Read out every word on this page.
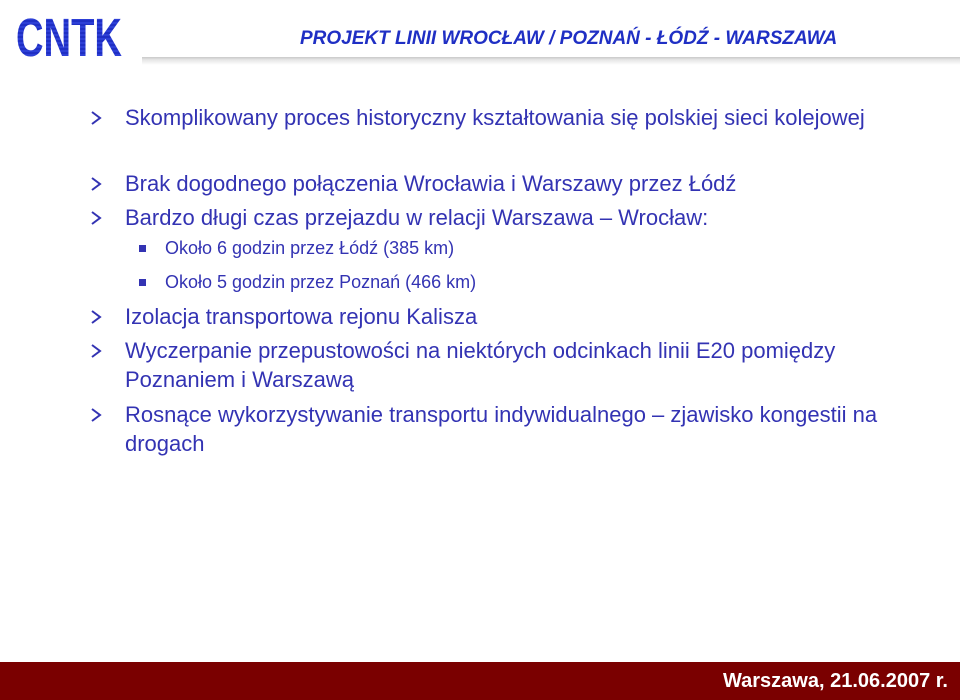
CNTK	PROJEKT LINII WROCŁAW / POZNAŃ - ŁÓDŹ - WARSZAWA
Skomplikowany proces historyczny kształtowania się polskiej sieci kolejowej
Brak dogodnego połączenia Wrocławia i Warszawy przez Łódź
Bardzo długi czas przejazdu w relacji Warszawa – Wrocław:
Około 6 godzin przez Łódź (385 km)
Około 5 godzin przez Poznań (466 km)
Izolacja transportowa rejonu Kalisza
Wyczerpanie przepustowości na niektórych odcinkach linii E20 pomiędzy Poznaniem i Warszawą
Rosnące wykorzystywanie transportu indywidualnego – zjawisko kongestii na drogach
Warszawa, 21.06.2007 r.
